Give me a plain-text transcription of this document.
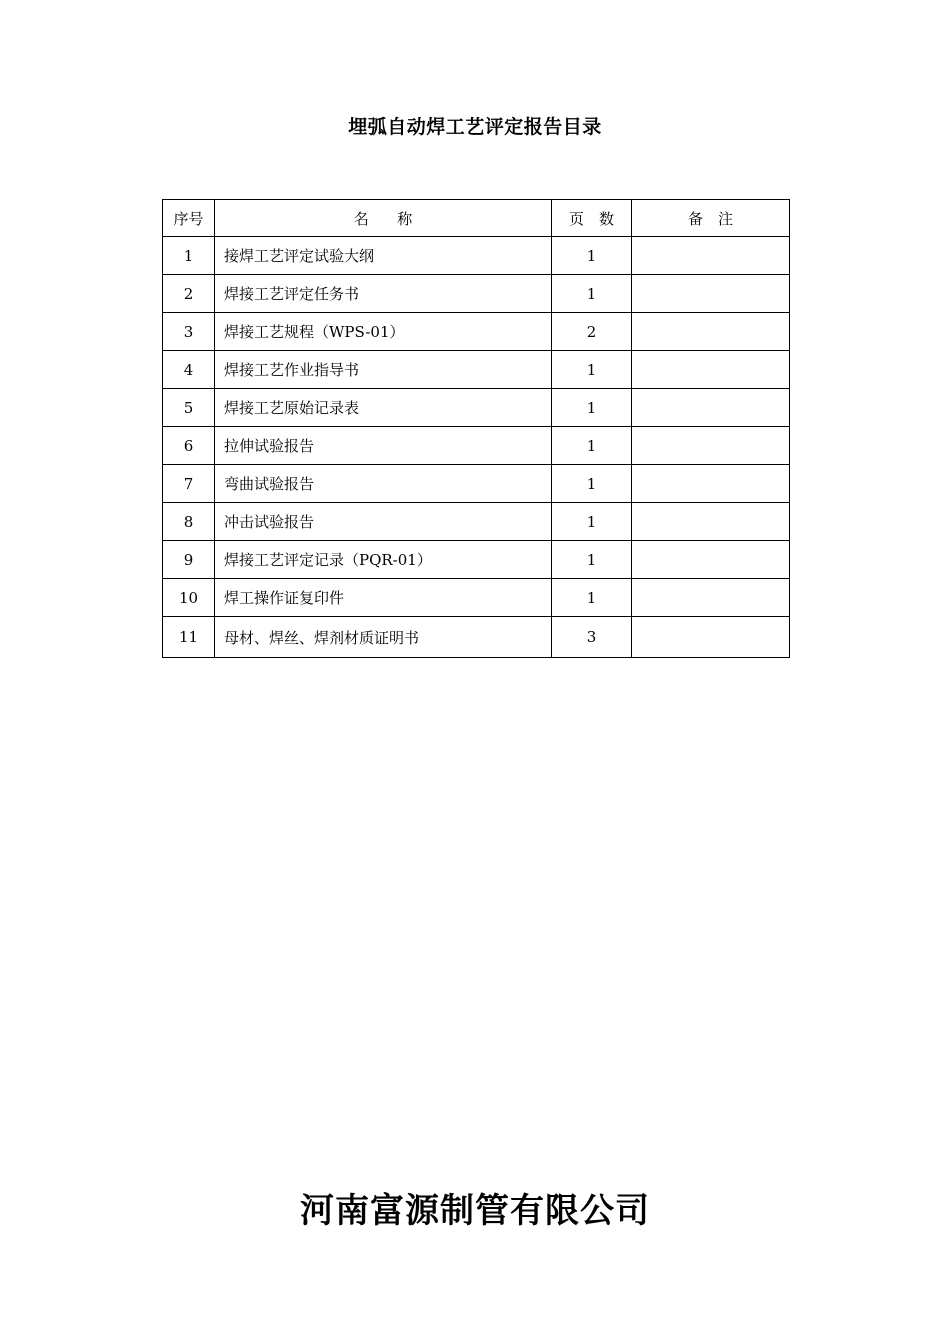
埋弧自动焊工艺评定报告目录
序号	名称	页数	备注
1	接焊工艺评定试验大纲	1	
2	焊接工艺评定任务书	1	
3	焊接工艺规程（WPS-01）	2	
4	焊接工艺作业指导书	1	
5	焊接工艺原始记录表	1	
6	拉伸试验报告	1	
7	弯曲试验报告	1	
8	冲击试验报告	1	
9	焊接工艺评定记录（PQR-01）	1	
10	焊工操作证复印件	1	
11	母材、焊丝、焊剂材质证明书	3	
河南富源制管有限公司
